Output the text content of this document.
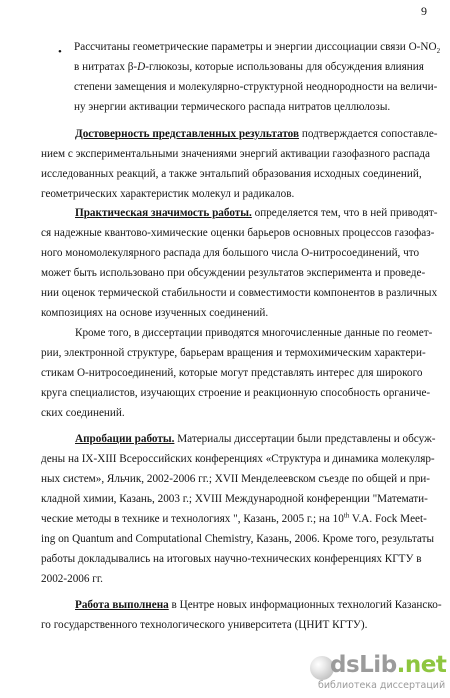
9
• Рассчитаны геометрические параметры и энергии диссоциации связи $O-NO_2$
в нитратах β-D-глюкозы, которые использованы для обсуждения влияния
степени замещения и молекулярно-структурной неоднородности на величи-
ну энергии активации термического распада нитратов целлюлозы.
Достоверность представленных результатов подтверждается сопоставле-
нием с экспериментальными значениями энергий активации газофазного распада
исследованных реакций, а также энтальпий образования исходных соединений,
геометрических характеристик молекул и радикалов.
Практическая значимость работы. определяется тем, что в ней приводят-
ся надежные квантово-химические оценки барьеров основных процессов газофаз-
ного мономолекулярного распада для большого числа О-нитросоединений, что
может быть использовано при обсуждении результатов эксперимента и проведе-
нии оценок термической стабильности и совместимости компонентов в различных
композициях на основе изученных соединений.
Кроме того, в диссертации приводятся многочисленные данные по геомет-
рии, электронной структуре, барьерам вращения и термохимическим характери-
стикам О-нитросоединений, которые могут представлять интерес для широкого
круга специалистов, изучающих строение и реакционную способность органиче-
ских соединений.
Апробации работы. Материалы диссертации были представлены и обсуж-
дены на IX-XIII Всероссийских конференциях «Структура и динамика молекуляр-
ных систем», Яльчик, 2002-2006 гг.; XVII Менделеевском съезде по общей и при-
кладной химии, Казань, 2003 г.; XVIII Международной конференции "Математи-
ческие методы в технике и технологиях ", Казань, 2005 г.; на 10th V.A. Fock Meet-
ing on Quantum and Computational Chemistry, Казань, 2006. Кроме того, результаты
работы докладывались на итоговых научно-технических конференциях КГТУ в
2002-2006 гг.
Работа выполнена в Центре новых информационных технологий Казанско-
го государственного технологического университета (ЦНИТ КГТУ).
dsLib.net
библиотека диссертаций
